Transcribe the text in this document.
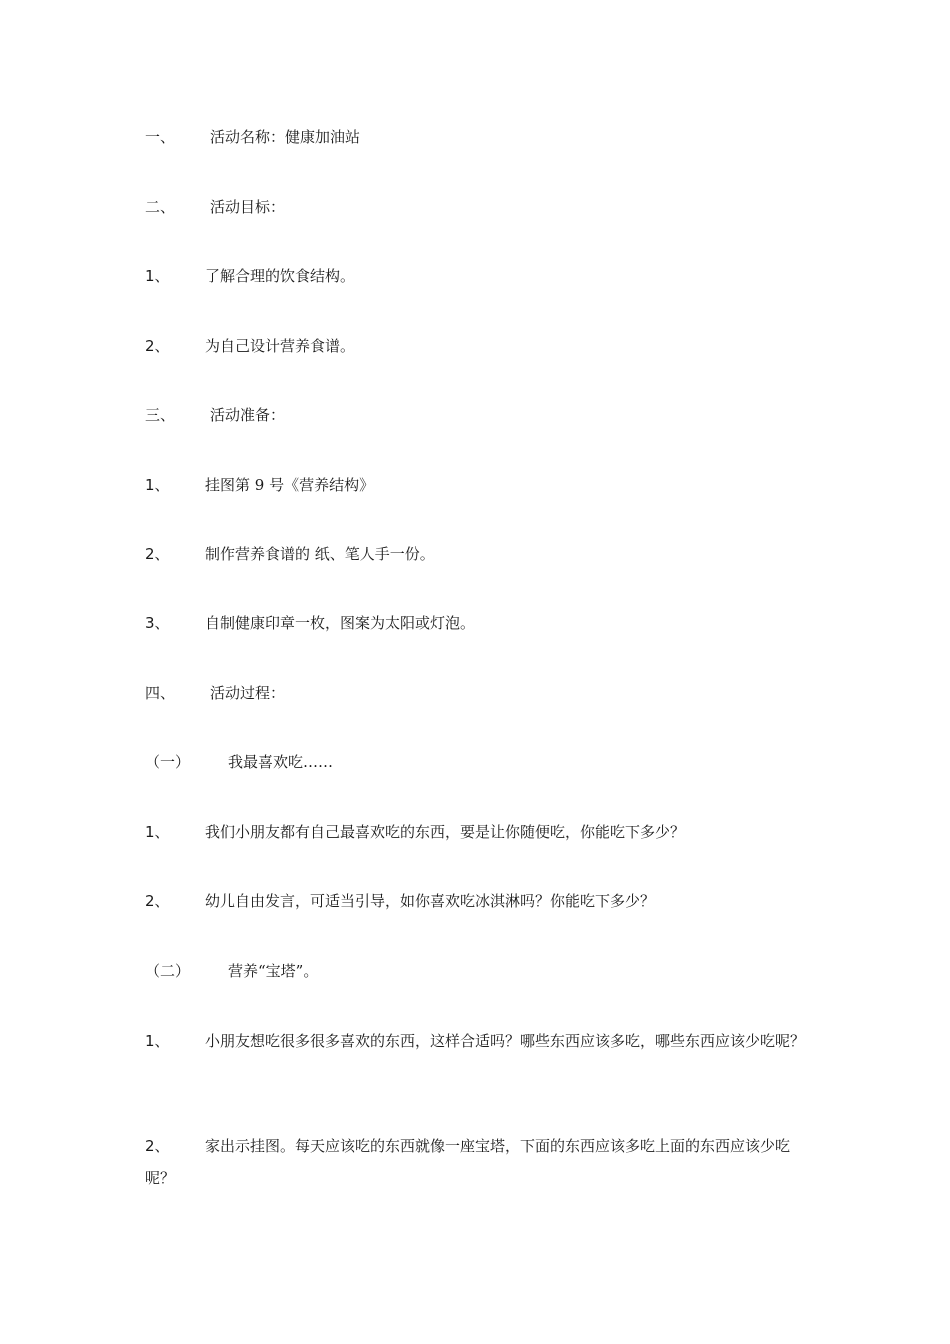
一、 活动名称：健康加油站
二、 活动目标：
1、 了解合理的饮食结构。
2、 为自己设计营养食谱。
三、 活动准备：
1、 挂图第 9 号《营养结构》
2、 制作营养食谱的 纸、笔人手一份。
3、 自制健康印章一枚，图案为太阳或灯泡。
四、 活动过程：
（一）	我最喜欢吃……
1、 我们小朋友都有自己最喜欢吃的东西，要是让你随便吃，你能吃下多少？
2、 幼儿自由发言，可适当引导，如你喜欢吃冰淇淋吗？你能吃下多少？
（二）	营养“宝塔”。
1、 小朋友想吃很多很多喜欢的东西，这样合适吗？哪些东西应该多吃，哪些东西应该少吃呢？
2、 家出示挂图。每天应该吃的东西就像一座宝塔，下面的东西应该多吃上面的东西应该少吃呢？
